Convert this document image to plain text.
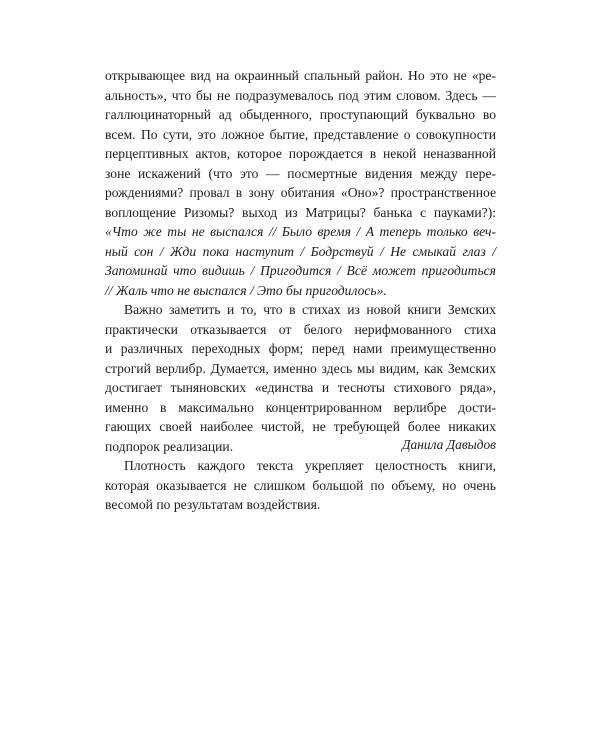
открывающее вид на окраинный спальный район. Но это не «ре-
альность», что бы не подразумевалось под этим словом. Здесь —
галлюцинаторный ад обыденного, проступающий буквально во
всем. По сути, это ложное бытие, представление о совокупности
перцептивных актов, которое порождается в некой неназванной
зоне искажений (что это — посмертные видения между пере-
рождениями? провал в зону обитания «Оно»? пространственное
воплощение Ризомы? выход из Матрицы? банька с пауками?):
«Что же ты не выспался // Было время / А теперь только веч-
ный сон / Жди пока наступит / Бодрствуй / Не смыкай глаз /
Запоминай что видишь / Пригодится / Всё может пригодиться
// Жаль что не выспался / Это бы пригодилось».
Важно заметить и то, что в стихах из новой книги Земских
практически отказывается от белого нерифмованного стиха
и различных переходных форм; перед нами преимущественно
строгий верлибр. Думается, именно здесь мы видим, как Земских
достигает тыняновских «единства и тесноты стихового ряда»,
именно в максимально концентрированном верлибре дости-
гающих своей наиболее чистой, не требующей более никаких
подпорок реализации.
Плотность каждого текста укрепляет целостность книги,
которая оказывается не слишком большой по объему, но очень
весомой по результатам воздействия.
Данила Давыдов
